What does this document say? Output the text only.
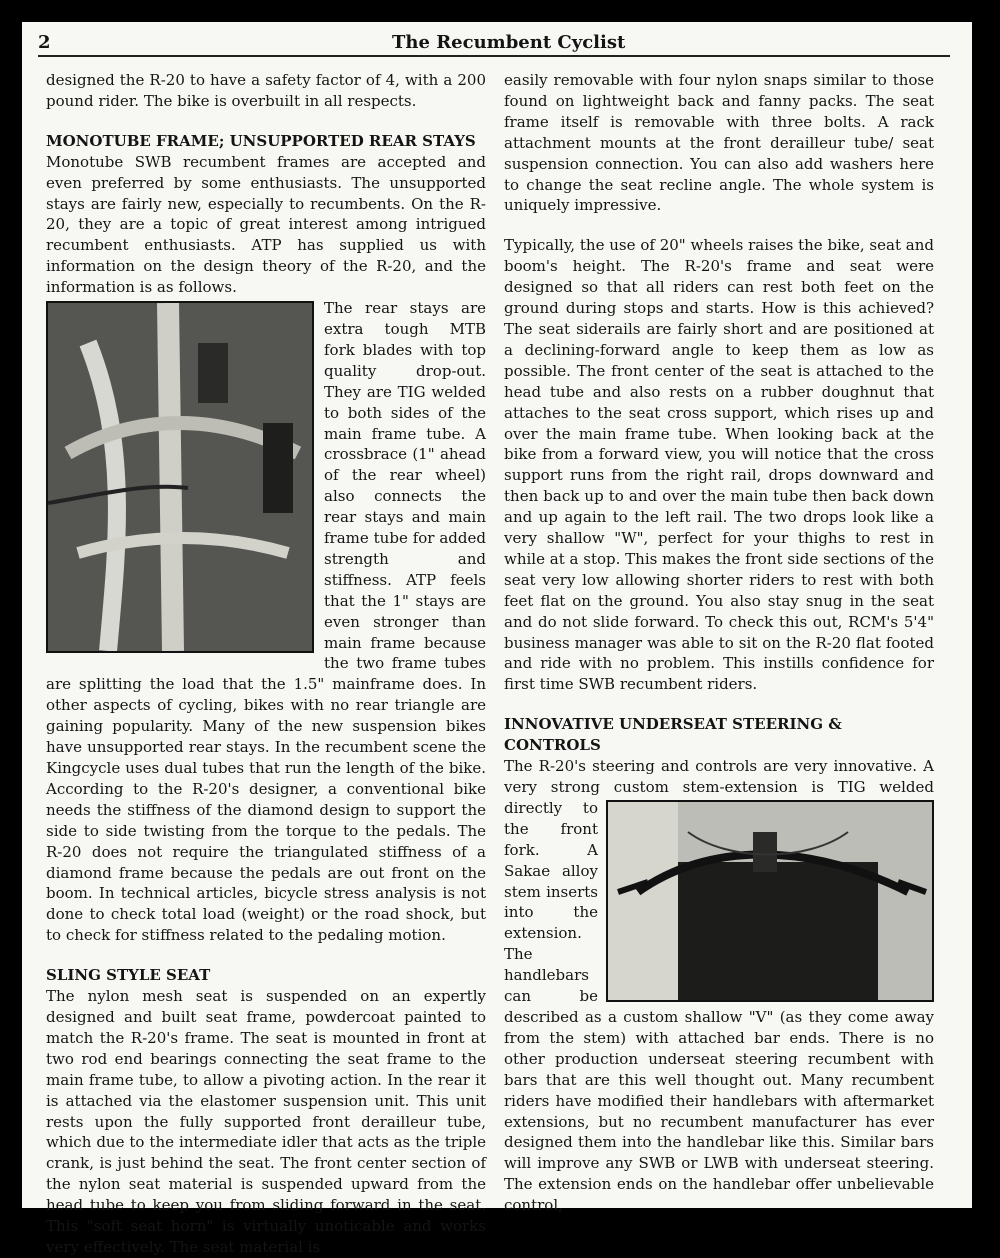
2	The Recumbent Cyclist

designed the R-20 to have a safety factor of 4, with a 200 pound rider. The bike is overbuilt in all respects.

MONOTUBE FRAME; UNSUPPORTED REAR STAYS

Monotube SWB recumbent frames are accepted and even preferred by some enthusiasts. The unsupported stays are fairly new, especially to recumbents. On the R-20, they are a topic of great interest among intrigued recumbent enthusiasts. ATP has supplied us with information on the design theory of the R-20, and the information is as follows.

The rear stays are extra tough MTB fork blades with top quality drop-out. They are TIG welded to both sides of the main frame tube. A crossbrace (1" ahead of the rear wheel) also connects the rear stays and main frame tube for added strength and stiffness. ATP feels that the 1" stays are even stronger than main frame because the two frame tubes are splitting the load that the 1.5" mainframe does. In other aspects of cycling, bikes with no rear triangle are gaining popularity. Many of the new suspension bikes have unsupported rear stays. In the recumbent scene the Kingcycle uses dual tubes that run the length of the bike. According to the R-20's designer, a conventional bike needs the stiffness of the diamond design to support the side to side twisting from the torque to the pedals. The R-20 does not require the triangulated stiffness of a diamond frame because the pedals are out front on the boom. In technical articles, bicycle stress analysis is not done to check total load (weight) or the road shock, but to check for stiffness related to the pedaling motion.

SLING STYLE SEAT

The nylon mesh seat is suspended on an expertly designed and built seat frame, powdercoat painted to match the R-20's frame. The seat is mounted in front at two rod end bearings connecting the seat frame to the main frame tube, to allow a pivoting action. In the rear it is attached via the elastomer suspension unit. This unit rests upon the fully supported front derailleur tube, which due to the intermediate idler that acts as the triple crank, is just behind the seat. The front center section of the nylon seat material is suspended upward from the head tube to keep you from sliding forward in the seat. This "soft seat horn" is virtually unoticable and works very effectively. The seat material is

easily removable with four nylon snaps similar to those found on lightweight back and fanny packs. The seat frame itself is removable with three bolts. A rack attachment mounts at the front derailleur tube/ seat suspension connection. You can also add washers here to change the seat recline angle. The whole system is uniquely impressive.

Typically, the use of 20" wheels raises the bike, seat and boom's height. The R-20's frame and seat were designed so that all riders can rest both feet on the ground during stops and starts. How is this achieved? The seat siderails are fairly short and are positioned at a declining-forward angle to keep them as low as possible. The front center of the seat is attached to the head tube and also rests on a rubber doughnut that attaches to the seat cross support, which rises up and over the main frame tube. When looking back at the bike from a forward view, you will notice that the cross support runs from the right rail, drops downward and then back up to and over the main tube then back down and up again to the left rail. The two drops look like a very shallow "W", perfect for your thighs to rest in while at a stop. This makes the front side sections of the seat very low allowing shorter riders to rest with both feet flat on the ground. You also stay snug in the seat and do not slide forward. To check this out, RCM's 5'4" business manager was able to sit on the R-20 flat footed and ride with no problem. This instills confidence for first time SWB recumbent riders.

INNOVATIVE UNDERSEAT STEERING & CONTROLS

The R-20's steering and controls are very innovative. A very strong custom stem-extension is TIG welded directly to the front fork. A Sakae alloy stem inserts into the extension. The handlebars can be described as a custom shallow "V" (as they come away from the stem) with attached bar ends. There is no other production underseat steering recumbent with bars that are this well thought out. Many recumbent riders have modified their handlebars with aftermarket extensions, but no recumbent manufacturer has ever designed them into the handlebar like this. Similar bars will improve any SWB or LWB with underseat steering. The extension ends on the handlebar offer unbelievable control,
